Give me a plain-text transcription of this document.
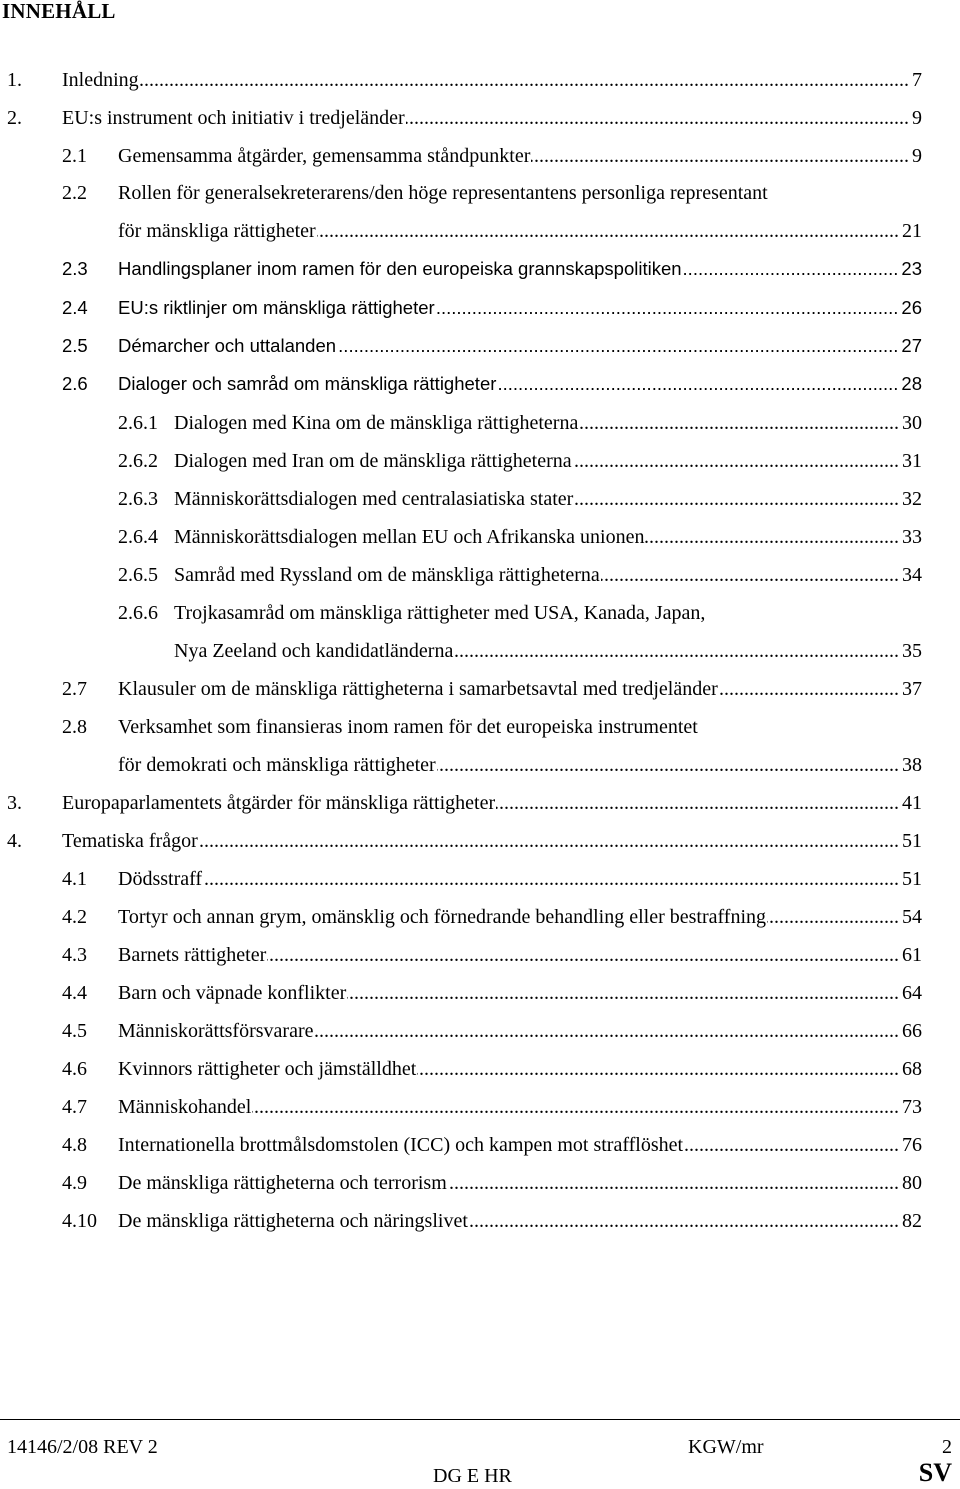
INNEHÅLL
1. Inledning .....	7
2. EU:s instrument och initiativ i tredjeländer .....	9
2.1 Gemensamma åtgärder, gemensamma ståndpunkter .....	9
2.2 Rollen för generalsekreterarens/den höge representantens personliga representant
för mänskliga rättigheter .....	21
2.3 Handlingsplaner inom ramen för den europeiska grannskapspolitiken .....	23
2.4 EU:s riktlinjer om mänskliga rättigheter .....	26
2.5 Démarcher och uttalanden .....	27
2.6 Dialoger och samråd om mänskliga rättigheter .....	28
2.6.1 Dialogen med Kina om de mänskliga rättigheterna .....	30
2.6.2 Dialogen med Iran om de mänskliga rättigheterna .....	31
2.6.3 Människorättsdialogen med centralasiatiska stater .....	32
2.6.4 Människorättsdialogen mellan EU och Afrikanska unionen .....	33
2.6.5 Samråd med Ryssland om de mänskliga rättigheterna .....	34
2.6.6 Trojkasamråd om mänskliga rättigheter med USA, Kanada, Japan,
Nya Zeeland och kandidatländerna .....	35
2.7 Klausuler om de mänskliga rättigheterna i samarbetsavtal med tredjeländer .....	37
2.8 Verksamhet som finansieras inom ramen för det europeiska instrumentet
för demokrati och mänskliga rättigheter .....	38
3. Europaparlamentets åtgärder för mänskliga rättigheter .....	41
4. Tematiska frågor .....	51
4.1 Dödsstraff .....	51
4.2 Tortyr och annan grym, omänsklig och förnedrande behandling eller bestraffning .....	54
4.3 Barnets rättigheter .....	61
4.4 Barn och väpnade konflikter .....	64
4.5 Människorättsförsvarare .....	66
4.6 Kvinnors rättigheter och jämställdhet .....	68
4.7 Människohandel .....	73
4.8 Internationella brottmålsdomstolen (ICC) och kampen mot strafflöshet .....	76
4.9 De mänskliga rättigheterna och terrorism .....	80
4.10 De mänskliga rättigheterna och näringslivet .....	82
14146/2/08 REV 2	KGW/mr	2
DG E HR	SV
